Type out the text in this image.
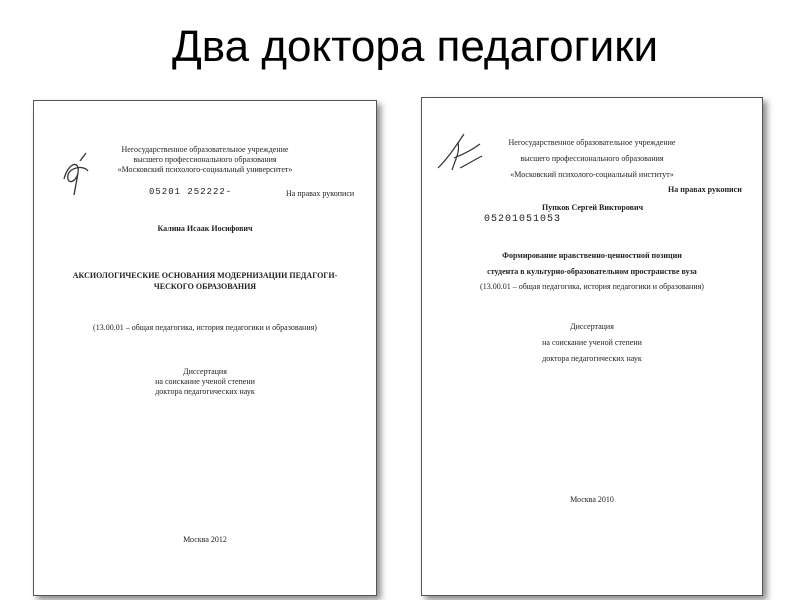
Два доктора педагогики
Негосударственное образовательное учреждение
высшего профессионального образования
«Московский психолого-социальный университет»
05201 252222-	На правах рукописи
Калина Исаак Иосифович
АКСИОЛОГИЧЕСКИЕ ОСНОВАНИЯ МОДЕРНИЗАЦИИ ПЕДАГОГИ-
ЧЕСКОГО ОБРАЗОВАНИЯ
(13.00.01 – общая педагогика, история педагогики и образования)
Диссертация
на соискание ученой степени
доктора педагогических наук
Москва 2012
Негосударственное образовательное учреждение
высшего профессионального образования
«Московский психолого-социальный институт»
На правах рукописи
Пупков Сергей Викторович
05201051053
Формирование нравственно-ценностной позиции
студента в культурно-образовательном пространстве вуза
(13.00.01 – общая педагогика, история педагогики и образования)
Диссертация
на соискание ученой степени
доктора педагогических наук
Москва 2010
